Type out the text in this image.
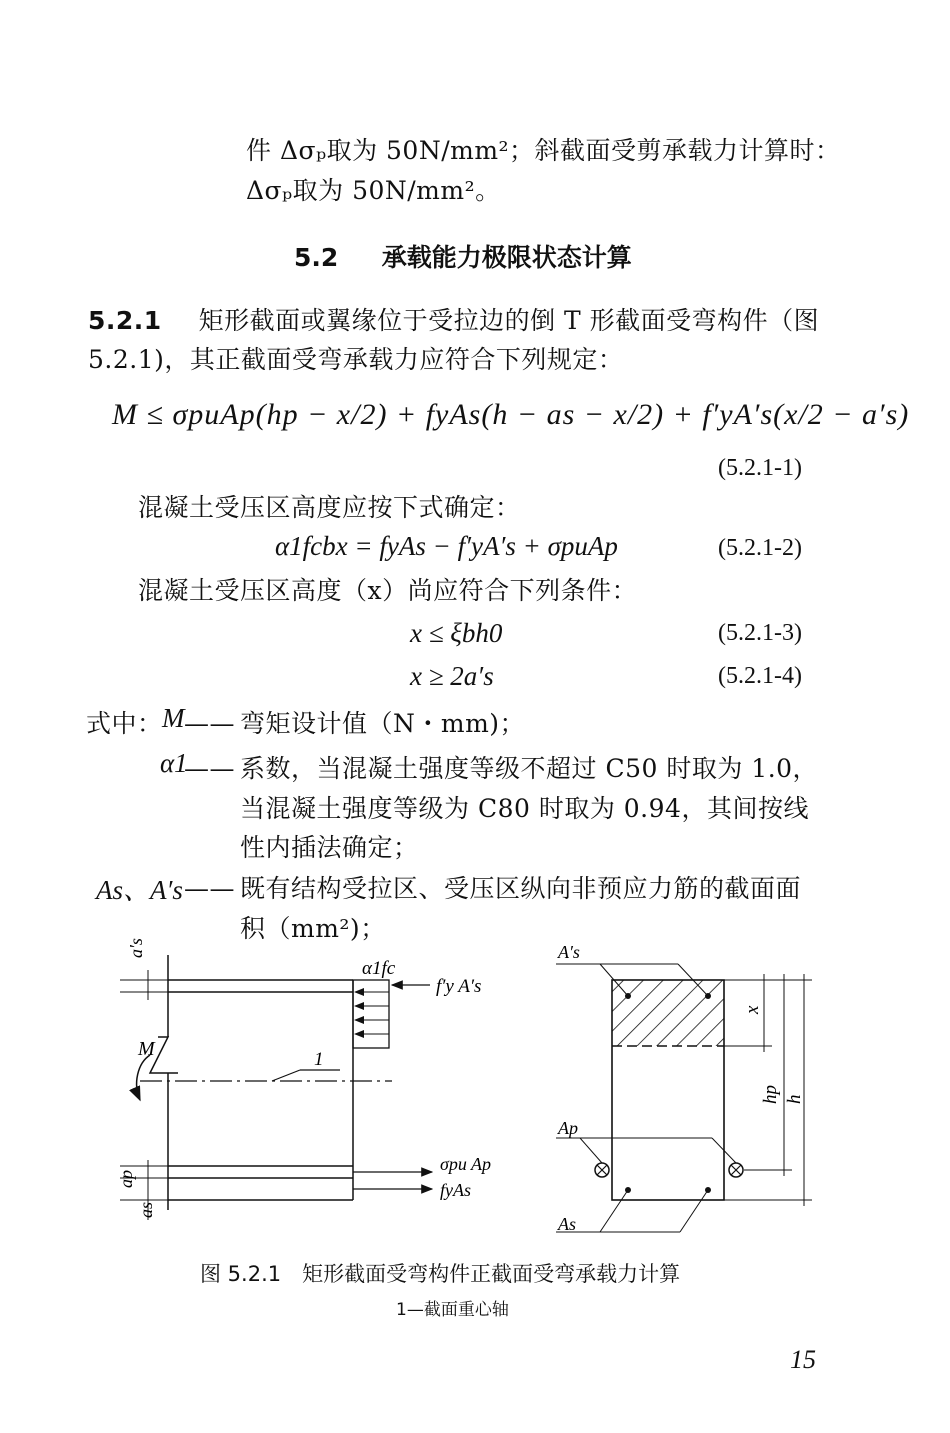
件 Δσₚ取为 50N/mm²；斜截面受剪承载力计算时：
Δσₚ取为 50N/mm²。
5.2 承载能力极限状态计算
5.2.1 矩形截面或翼缘位于受拉边的倒 T 形截面受弯构件（图
5.2.1)，其正截面受弯承载力应符合下列规定：
M ≤ σpuAp(hp − x/2) + fyAs(h − as − x/2) + f′yA′s(x/2 − a′s)
(5.2.1-1)
混凝土受压区高度应按下式确定：
α1fcbx = fyAs − f′yA′s + σpuAp	(5.2.1-2)
混凝土受压区高度（x）尚应符合下列条件：
x ≤ ξbh0	(5.2.1-3)
x ≥ 2a′s	(5.2.1-4)
式中： M —— 弯矩设计值（N・mm)；
α1
—— 系数，当混凝土强度等级不超过 C50 时取为 1.0，
当混凝土强度等级为 C80 时取为 0.94，其间按线
性内插法确定；
As、A′s —— 既有结构受拉区、受压区纵向非预应力筋的截面面
积（mm²)；
a′s
α1fc
f′y A′s
M	1
σpu Ap
fyAs
ap
as
A′s
x
hp h
Ap
As
图 5.2.1　矩形截面受弯构件正截面受弯承载力计算
1—截面重心轴
15
